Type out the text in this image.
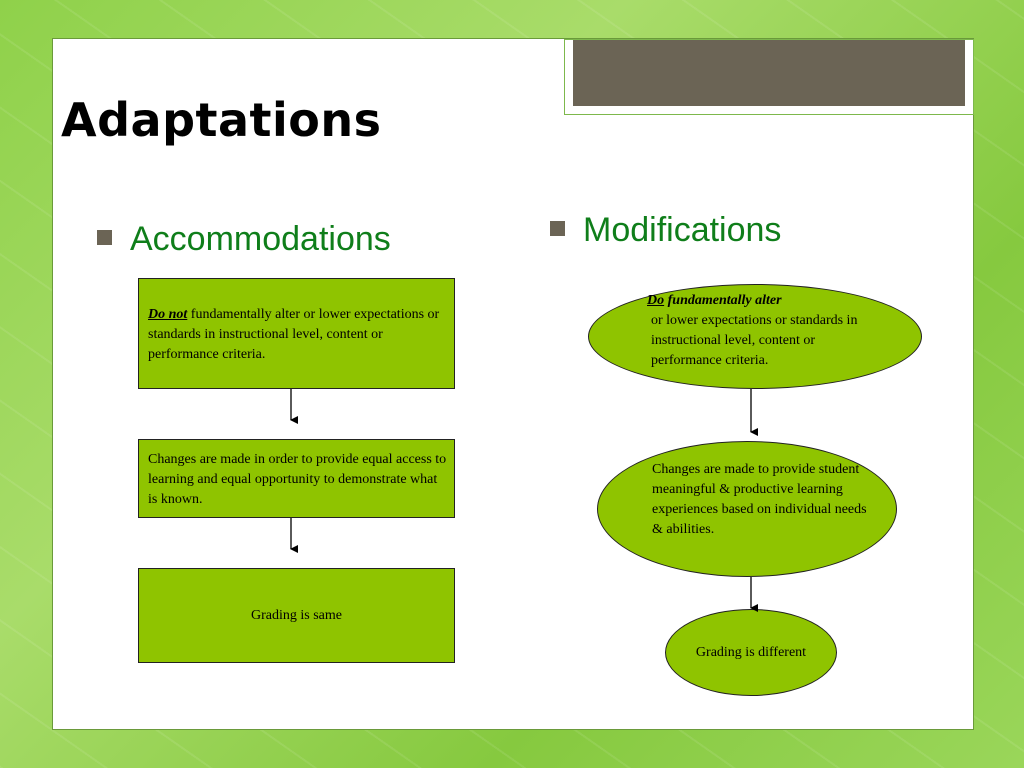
Adaptations
Accommodations	Modifications
Do not fundamentally alter or lower expectations or standards in instructional level, content or performance criteria.
Changes are made in order to provide equal access to learning and equal opportunity to demonstrate what is known.
Grading is same
Do fundamentally alter
or lower expectations or standards in instructional level, content or performance criteria.
Changes are made to provide student meaningful & productive learning experiences based on individual needs & abilities.
Grading is different
